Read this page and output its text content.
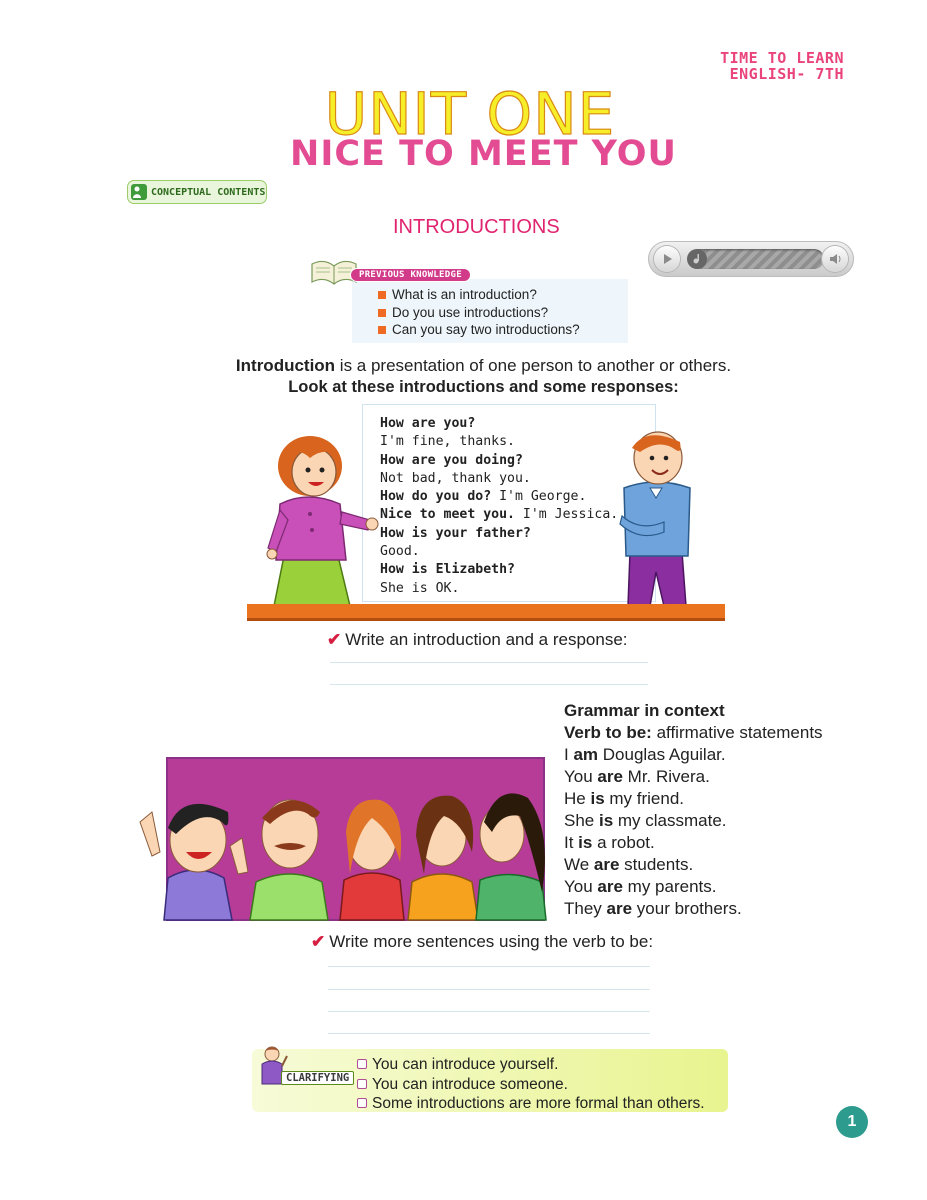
TIME TO LEARN
ENGLISH- 7TH
UNIT ONE
NICE TO MEET YOU
CONCEPTUAL CONTENTS
INTRODUCTIONS
PREVIOUS KNOWLEDGE
What is an introduction?
Do you use introductions?
Can you say two introductions?
Introduction is a presentation of one person to another or others.
Look at these introductions and some responses:
How are you?
I'm fine, thanks.
How are you doing?
Not bad, thank you.
How do you do? I'm George.
Nice to meet you. I'm Jessica.
How is your father?
Good.
How is Elizabeth?
She is OK.
✔ Write an introduction and a response:
Grammar in context
Verb to be: affirmative statements
I am Douglas Aguilar.
You are Mr. Rivera.
He is my friend.
She is my classmate.
It is a robot.
We are students.
You are my parents.
They are your brothers.
✔ Write more sentences using the verb to be:
CLARIFYING
You can introduce yourself.
You can introduce someone.
Some introductions are more formal than others.
1
